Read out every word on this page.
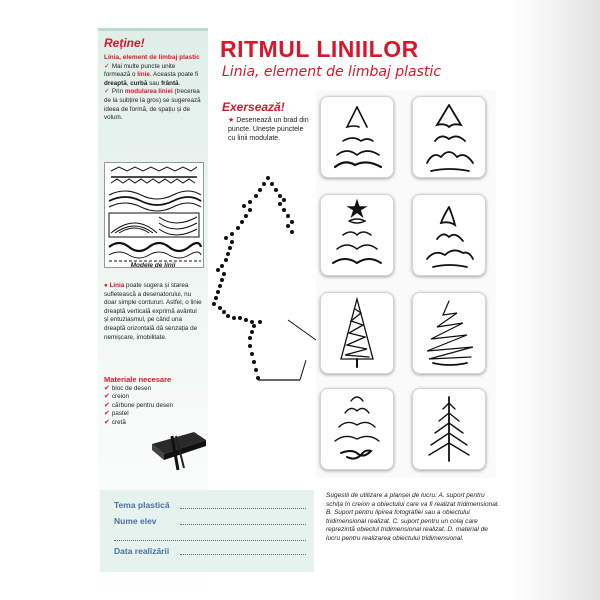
Reține!
Linia, element de limbaj plastic
✓ Mai multe puncte unite formează o linie. Aceasta poate fi dreaptă, curbă sau frântă.
✓ Prin modularea liniei (trecerea de la subțire la gros) se sugerează ideea de formă, de spațiu și de volum.
Modele de linii
● Linia poate sugera și starea sufletească a desenatorului, nu doar simple contururi. Astfel, o linie dreaptă verticală exprimă avântul și entuziasmul, pe când una dreaptă orizontală dă senzația de nemișcare, imobilitate.
Materiale necesare
✔ bloc de desen
✔ creion
✔ cărbune pentru desen
✔ pastel
✔ cretă
RITMUL LINIILOR
Linia, element de limbaj plastic
Exersează!
★ Desenează un brad din puncte. Unește punctele cu linii modulate.
Tema plastică
Nume elev
Data realizării
Sugestii de utilizare a planșei de lucru: A. suport pentru schița în creion a obiectului care va fi realizat tridimensional. B. Suport pentru lipirea fotografiei sau a obiectului tridimensional realizat. C. suport pentru un colaj care reprezintă obiectul tridimensional realizat. D. material de lucru pentru realizarea obiectului tridimensional.
